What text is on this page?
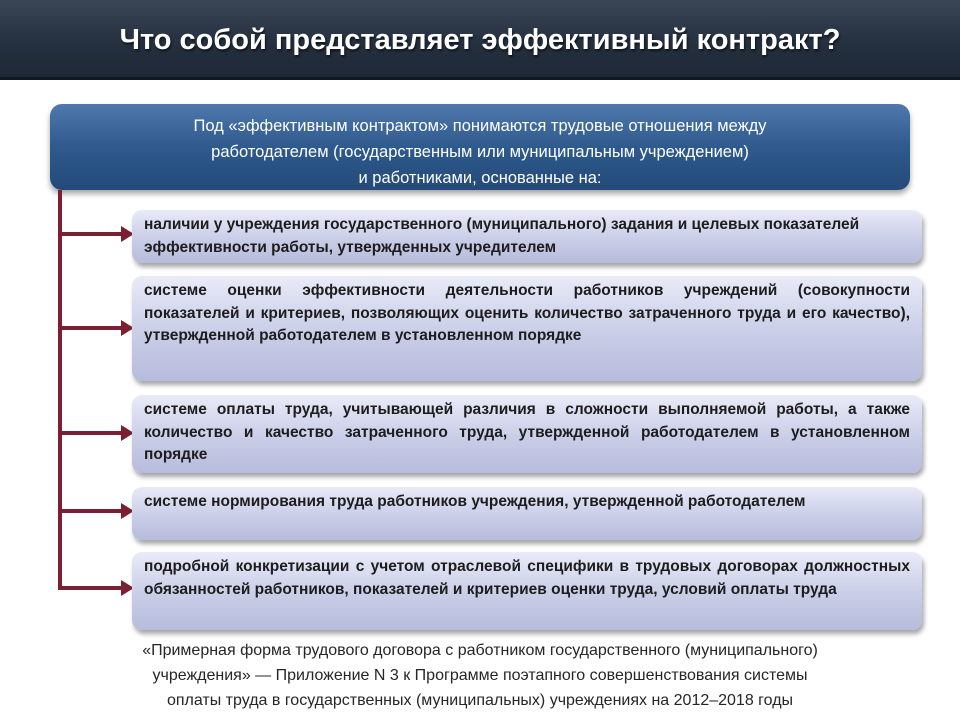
Что собой представляет эффективный контракт?
Под «эффективным контрактом» понимаются трудовые отношения между
работодателем (государственным или муниципальным учреждением)
и работниками, основанные на:
наличии у учреждения государственного (муниципального) задания и целевых показателей эффективности работы, утвержденных учредителем
системе оценки эффективности деятельности работников учреждений (совокупности показателей и критериев, позволяющих оценить количество затраченного труда и его качество), утвержденной работодателем в установленном порядке
системе оплаты труда, учитывающей различия в сложности выполняемой работы, а также количество и качество затраченного труда, утвержденной работодателем в установленном порядке
системе нормирования труда работников учреждения, утвержденной работодателем
подробной конкретизации с учетом отраслевой специфики в трудовых договорах должностных обязанностей работников, показателей и критериев оценки труда, условий оплаты труда
«Примерная форма трудового договора с работником государственного (муниципального)
учреждения» — Приложение N 3 к Программе поэтапного совершенствования системы
оплаты труда в государственных (муниципальных) учреждениях на 2012–2018 годы
